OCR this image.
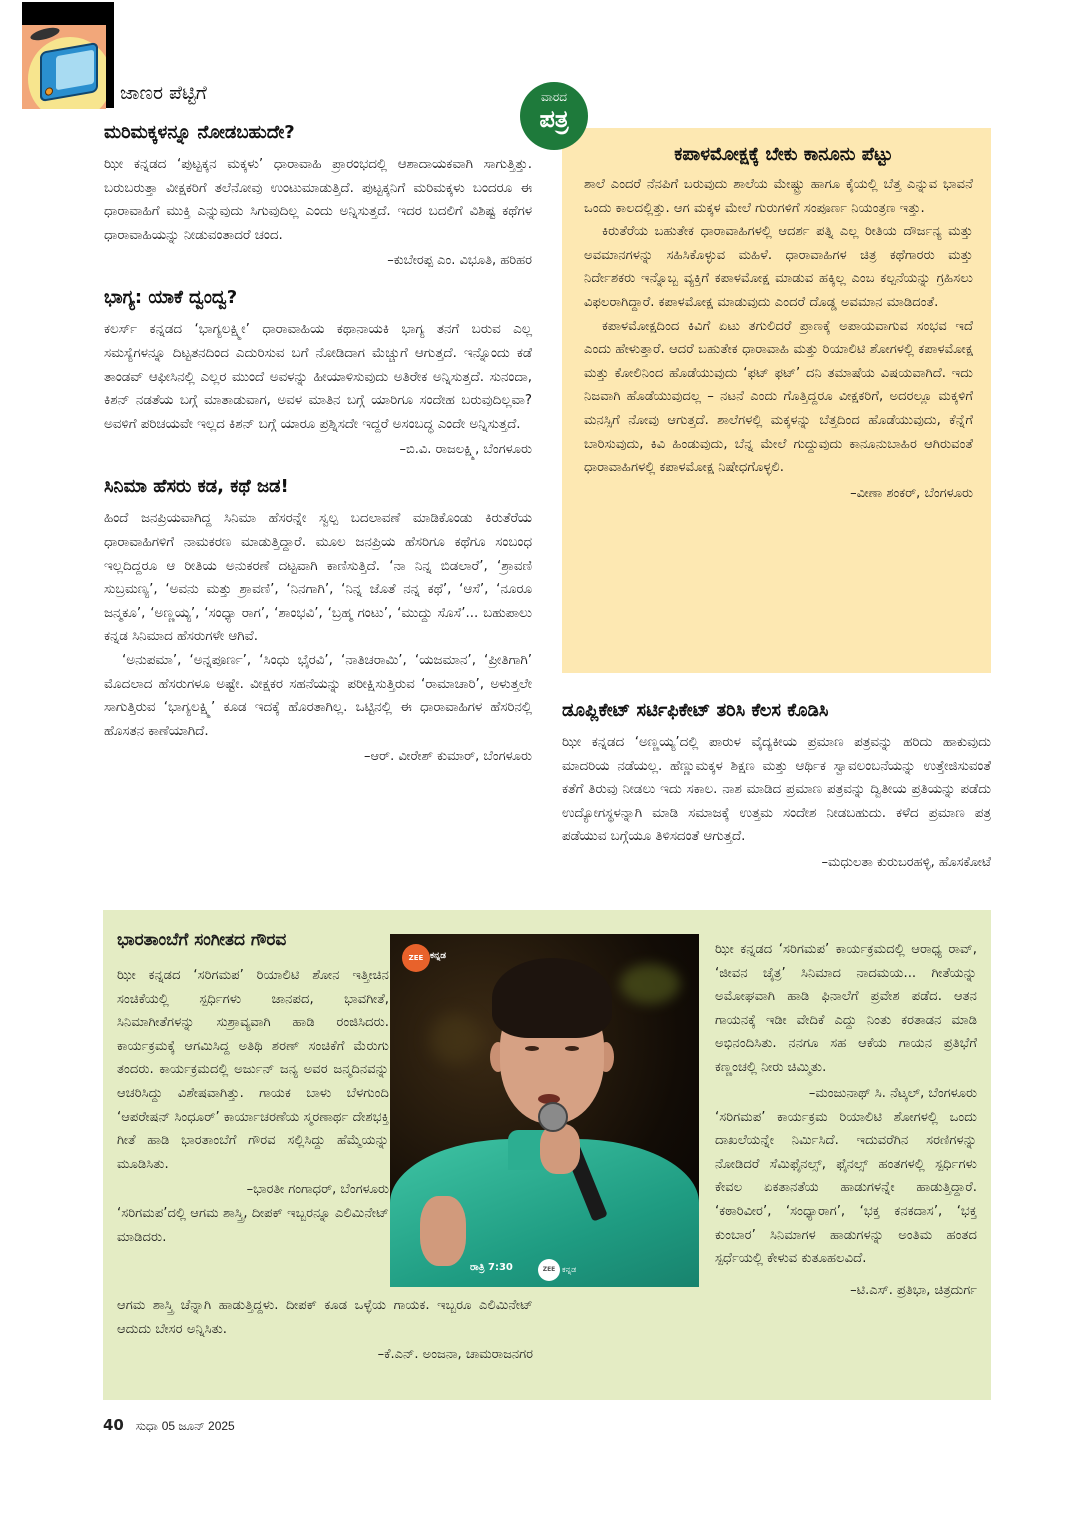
ಜಾಣರ ಪೆಟ್ಟಿಗೆ
ಮರಿಮಕ್ಕಳನ್ನೂ ನೋಡಬಹುದೇ?

ಝೀ ಕನ್ನಡದ ‘ಪುಟ್ಟಕ್ಕನ ಮಕ್ಕಳು’ ಧಾರಾವಾಹಿ ಪ್ರಾರಂಭದಲ್ಲಿ ಆಶಾದಾಯಕವಾಗಿ ಸಾಗುತ್ತಿತ್ತು. ಬರುಬರುತ್ತಾ ವೀಕ್ಷಕರಿಗೆ ತಲೆನೋವು ಉಂಟುಮಾಡುತ್ತಿದೆ. ಪುಟ್ಟಕ್ಕನಿಗೆ ಮರಿಮಕ್ಕಳು ಬಂದರೂ ಈ ಧಾರಾವಾಹಿಗೆ ಮುಕ್ತಿ ಎನ್ನುವುದು ಸಿಗುವುದಿಲ್ಲ ಎಂದು ಅನ್ನಿಸುತ್ತದೆ. ಇದರ ಬದಲಿಗೆ ವಿಶಿಷ್ಟ ಕಥೆಗಳ ಧಾರಾವಾಹಿಯನ್ನು ನೀಡುವಂತಾದರೆ ಚಂದ.

–ಕುಬೇರಪ್ಪ ಎಂ. ವಿಭೂತಿ, ಹರಿಹರ
ಭಾಗ್ಯ: ಯಾಕೆ ದ್ವಂದ್ವ?

ಕಲರ್ಸ್ ಕನ್ನಡದ ‘ಭಾಗ್ಯಲಕ್ಷ್ಮೀ’ ಧಾರಾವಾಹಿಯ ಕಥಾನಾಯಕಿ ಭಾಗ್ಯ ತನಗೆ ಬರುವ ಎಲ್ಲ ಸಮಸ್ಯೆಗಳನ್ನೂ ದಿಟ್ಟತನದಿಂದ ಎದುರಿಸುವ ಬಗೆ ನೋಡಿದಾಗ ಮೆಚ್ಚುಗೆ ಆಗುತ್ತದೆ. ಇನ್ನೊಂದು ಕಡೆ ತಾಂಡವ್ ಆಫೀಸಿನಲ್ಲಿ ಎಲ್ಲರ ಮುಂದೆ ಅವಳನ್ನು ಹೀಯಾಳಿಸುವುದು ಅತಿರೇಕ ಅನ್ನಿಸುತ್ತದೆ. ಸುನಂದಾ, ಕಿಶನ್ ನಡತೆಯ ಬಗ್ಗೆ ಮಾತಾಡುವಾಗ, ಅವಳ ಮಾತಿನ ಬಗ್ಗೆ ಯಾರಿಗೂ ಸಂದೇಹ ಬರುವುದಿಲ್ಲವಾ? ಅವಳಿಗೆ ಪರಿಚಯವೇ ಇಲ್ಲದ ಕಿಶನ್ ಬಗ್ಗೆ ಯಾರೂ ಪ್ರಶ್ನಿಸದೇ ಇದ್ದರೆ ಅಸಂಬದ್ಧ ಎಂದೇ ಅನ್ನಿಸುತ್ತದೆ.

–ಬಿ.ವಿ. ರಾಜಲಕ್ಷ್ಮಿ, ಬೆಂಗಳೂರು
ಸಿನಿಮಾ ಹೆಸರು ಕಡ, ಕಥೆ ಜಡ!

ಹಿಂದೆ ಜನಪ್ರಿಯವಾಗಿದ್ದ ಸಿನಿಮಾ ಹೆಸರನ್ನೇ ಸ್ವಲ್ಪ ಬದಲಾವಣೆ ಮಾಡಿಕೊಂಡು ಕಿರುತೆರೆಯ ಧಾರಾವಾಹಿಗಳಿಗೆ ನಾಮಕರಣ ಮಾಡುತ್ತಿದ್ದಾರೆ. ಮೂಲ ಜನಪ್ರಿಯ ಹೆಸರಿಗೂ ಕಥೆಗೂ ಸಂಬಂಧ ಇಲ್ಲದಿದ್ದರೂ ಆ ರೀತಿಯ ಅನುಕರಣೆ ದಟ್ಟವಾಗಿ ಕಾಣಿಸುತ್ತಿದೆ. ‘ನಾ ನಿನ್ನ ಬಿಡಲಾರೆ’, ‘ಶ್ರಾವಣಿ ಸುಬ್ರಮಣ್ಯ’, ‘ಅವನು ಮತ್ತು ಶ್ರಾವಣಿ’, ‘ನಿನಗಾಗಿ’, ‘ನಿನ್ನ ಜೊತೆ ನನ್ನ ಕಥೆ’, ‘ಆಸೆ’, ‘ನೂರೂ ಜನ್ಮಕೂ’, ‘ಅಣ್ಣಯ್ಯ’, ‘ಸಂಧ್ಯಾ ರಾಗ’, ‘ಶಾಂಭವಿ’, ‘ಬ್ರಹ್ಮ ಗಂಟು’, ‘ಮುದ್ದು ಸೊಸೆ’... ಬಹುಪಾಲು ಕನ್ನಡ ಸಿನಿಮಾದ ಹೆಸರುಗಳೇ ಆಗಿವೆ.

‘ಅನುಪಮಾ’, ‘ಅನ್ನಪೂರ್ಣ’, ‘ಸಿಂಧು ಭೈರವಿ’, ‘ನಾತಿಚರಾಮಿ’, ‘ಯಜಮಾನ’, ‘ಪ್ರೀತಿಗಾಗಿ’ ಮೊದಲಾದ ಹೆಸರುಗಳೂ ಅಷ್ಟೇ. ವೀಕ್ಷಕರ ಸಹನೆಯನ್ನು ಪರೀಕ್ಷಿಸುತ್ತಿರುವ ‘ರಾಮಾಚಾರಿ’, ಅಳುತ್ತಲೇ ಸಾಗುತ್ತಿರುವ ‘ಭಾಗ್ಯಲಕ್ಷ್ಮಿ’ ಕೂಡ ಇದಕ್ಕೆ ಹೊರತಾಗಿಲ್ಲ. ಒಟ್ಟಿನಲ್ಲಿ ಈ ಧಾರಾವಾಹಿಗಳ ಹೆಸರಿನಲ್ಲಿ ಹೊಸತನ ಕಾಣೆಯಾಗಿದೆ.

–ಆರ್. ವೀರೇಶ್ ಕುಮಾರ್, ಬೆಂಗಳೂರು
ವಾರದ
ಪತ್ರ
ಕಪಾಳಮೋಕ್ಷಕ್ಕೆ ಬೇಕು ಕಾನೂನು ಪೆಟ್ಟು

ಶಾಲೆ ಎಂದರೆ ನೆನಪಿಗೆ ಬರುವುದು ಶಾಲೆಯ ಮೇಷ್ಟ್ರು ಹಾಗೂ ಕೈಯಲ್ಲಿ ಬೆತ್ತ ಎನ್ನುವ ಭಾವನೆ ಒಂದು ಕಾಲದಲ್ಲಿತ್ತು. ಆಗ ಮಕ್ಕಳ ಮೇಲೆ ಗುರುಗಳಿಗೆ ಸಂಪೂರ್ಣ ನಿಯಂತ್ರಣ ಇತ್ತು.

ಕಿರುತೆರೆಯ ಬಹುತೇಕ ಧಾರಾವಾಹಿಗಳಲ್ಲಿ ಆದರ್ಶ ಪತ್ನಿ ಎಲ್ಲ ರೀತಿಯ ದೌರ್ಜನ್ಯ ಮತ್ತು ಅವಮಾನಗಳನ್ನು ಸಹಿಸಿಕೊಳ್ಳುವ ಮಹಿಳೆ. ಧಾರಾವಾಹಿಗಳ ಚಿತ್ರ ಕಥೆಗಾರರು ಮತ್ತು ನಿರ್ದೇಶಕರು ಇನ್ನೊಬ್ಬ ವ್ಯಕ್ತಿಗೆ ಕಪಾಳಮೋಕ್ಷ ಮಾಡುವ ಹಕ್ಕಿಲ್ಲ ಎಂಬ ಕಲ್ಪನೆಯನ್ನು ಗ್ರಹಿಸಲು ವಿಫಲರಾಗಿದ್ದಾರೆ. ಕಪಾಳಮೋಕ್ಷ ಮಾಡುವುದು ಎಂದರೆ ದೊಡ್ಡ ಅವಮಾನ ಮಾಡಿದಂತೆ.

ಕಪಾಳಮೋಕ್ಷದಿಂದ ಕಿವಿಗೆ ಏಟು ತಗುಲಿದರೆ ಪ್ರಾಣಕ್ಕೆ ಅಪಾಯವಾಗುವ ಸಂಭವ ಇದೆ ಎಂದು ಹೇಳುತ್ತಾರೆ. ಆದರೆ ಬಹುತೇಕ ಧಾರಾವಾಹಿ ಮತ್ತು ರಿಯಾಲಿಟಿ ಶೋಗಳಲ್ಲಿ ಕಪಾಳಮೋಕ್ಷ ಮತ್ತು ಕೋಲಿನಿಂದ ಹೊಡೆಯುವುದು ‘ಫಟ್ ಫಟ್’ ದನಿ ತಮಾಷೆಯ ವಿಷಯವಾಗಿದೆ. ಇದು ನಿಜವಾಗಿ ಹೊಡೆಯುವುದಲ್ಲ – ನಟನೆ ಎಂದು ಗೊತ್ತಿದ್ದರೂ ವೀಕ್ಷಕರಿಗೆ, ಅದರಲ್ಲೂ ಮಕ್ಕಳಿಗೆ ಮನಸ್ಸಿಗೆ ನೋವು ಆಗುತ್ತದೆ. ಶಾಲೆಗಳಲ್ಲಿ ಮಕ್ಕಳನ್ನು ಬೆತ್ತದಿಂದ ಹೊಡೆಯುವುದು, ಕೆನ್ನೆಗೆ ಬಾರಿಸುವುದು, ಕಿವಿ ಹಿಂಡುವುದು, ಬೆನ್ನ ಮೇಲೆ ಗುದ್ದುವುದು ಕಾನೂನುಬಾಹಿರ ಆಗಿರುವಂತೆ ಧಾರಾವಾಹಿಗಳಲ್ಲಿ ಕಪಾಳಮೋಕ್ಷ ನಿಷೇಧಗೊಳ್ಳಲಿ.

–ವೀಣಾ ಶಂಕರ್, ಬೆಂಗಳೂರು
ಡೂಪ್ಲಿಕೇಟ್ ಸರ್ಟಿಫಿಕೇಟ್ ತರಿಸಿ ಕೆಲಸ ಕೊಡಿಸಿ

ಝೀ ಕನ್ನಡದ ‘ಅಣ್ಣಯ್ಯ’ದಲ್ಲಿ ಪಾರುಳ ವೈದ್ಯಕೀಯ ಪ್ರಮಾಣ ಪತ್ರವನ್ನು ಹರಿದು ಹಾಕುವುದು ಮಾದರಿಯ ನಡೆಯಲ್ಲ. ಹೆಣ್ಣುಮಕ್ಕಳ ಶಿಕ್ಷಣ ಮತ್ತು ಆರ್ಥಿಕ ಸ್ವಾವಲಂಬನೆಯನ್ನು ಉತ್ತೇಜಿಸುವಂತೆ ಕತೆಗೆ ತಿರುವು ನೀಡಲು ಇದು ಸಕಾಲ. ನಾಶ ಮಾಡಿದ ಪ್ರಮಾಣ ಪತ್ರವನ್ನು ದ್ವಿತೀಯ ಪ್ರತಿಯನ್ನು ಪಡೆದು ಉದ್ಯೋಗಸ್ಥಳನ್ನಾಗಿ ಮಾಡಿ ಸಮಾಜಕ್ಕೆ ಉತ್ತಮ ಸಂದೇಶ ನೀಡಬಹುದು. ಕಳೆದ ಪ್ರಮಾಣ ಪತ್ರ ಪಡೆಯುವ ಬಗ್ಗೆಯೂ ತಿಳಿಸದಂತೆ ಆಗುತ್ತದೆ.

–ಮಧುಲತಾ ಕುರುಬರಹಳ್ಳಿ, ಹೊಸಕೋಟೆ
ಭಾರತಾಂಬೆಗೆ ಸಂಗೀತದ ಗೌರವ

ಝೀ ಕನ್ನಡದ ‘ಸರಿಗಮಪ’ ರಿಯಾಲಿಟಿ ಶೋನ ಇತ್ತೀಚಿನ ಸಂಚಿಕೆಯಲ್ಲಿ ಸ್ಪರ್ಧಿಗಳು ಜಾನಪದ, ಭಾವಗೀತೆ, ಸಿನಿಮಾಗೀತೆಗಳನ್ನು ಸುಶ್ರಾವ್ಯವಾಗಿ ಹಾಡಿ ರಂಜಿಸಿದರು. ಕಾರ್ಯಕ್ರಮಕ್ಕೆ ಆಗಮಿಸಿದ್ದ ಅತಿಥಿ ಶರಣ್ ಸಂಚಿಕೆಗೆ ಮೆರುಗು ತಂದರು. ಕಾರ್ಯಕ್ರಮದಲ್ಲಿ ಅರ್ಜುನ್ ಜನ್ಯ ಅವರ ಜನ್ಮದಿನವನ್ನು ಆಚರಿಸಿದ್ದು ವಿಶೇಷವಾಗಿತ್ತು. ಗಾಯಕ ಬಾಳು ಬೆಳಗುಂದಿ ‘ಆಪರೇಷನ್ ಸಿಂಧೂರ್’ ಕಾರ್ಯಾಚರಣೆಯ ಸ್ಮರಣಾರ್ಥ ದೇಶಭಕ್ತಿ ಗೀತೆ ಹಾಡಿ ಭಾರತಾಂಬೆಗೆ ಗೌರವ ಸಲ್ಲಿಸಿದ್ದು ಹೆಮ್ಮೆಯನ್ನು ಮೂಡಿಸಿತು.

–ಭಾರತೀ ಗಂಗಾಧರ್, ಬೆಂಗಳೂರು

‘ಸರಿಗಮಪ’ದಲ್ಲಿ ಆಗಮ ಶಾಸ್ತ್ರಿ, ದೀಪಕ್ ಇಬ್ಬರನ್ನೂ ಎಲಿಮಿನೇಟ್ ಮಾಡಿದರು.

ಆಗಮ ಶಾಸ್ತ್ರಿ ಚೆನ್ನಾಗಿ ಹಾಡುತ್ತಿದ್ದಳು. ದೀಪಕ್ ಕೂಡ ಒಳ್ಳೆಯ ಗಾಯಕ. ಇಬ್ಬರೂ ಎಲಿಮಿನೇಟ್ ಆದುದು ಬೇಸರ ಅನ್ನಿಸಿತು.

–ಕೆ.ಎನ್. ಅಂಜನಾ, ಚಾಮರಾಜನಗರ
ZEE ಕನ್ನಡ
ರಾತ್ರಿ 7:30	ZEE ಕನ್ನಡ

ಝೀ ಕನ್ನಡದ ‘ಸರಿಗಮಪ’ ಕಾರ್ಯಕ್ರಮದಲ್ಲಿ ಆರಾಧ್ಯ ರಾವ್, ‘ಜೀವನ ಚೈತ್ರ’ ಸಿನಿಮಾದ ನಾದಮಯ... ಗೀತೆಯನ್ನು ಅಮೋಘವಾಗಿ ಹಾಡಿ ಫಿನಾಲೆಗೆ ಪ್ರವೇಶ ಪಡೆದ. ಆತನ ಗಾಯನಕ್ಕೆ ಇಡೀ ವೇದಿಕೆ ಎದ್ದು ನಿಂತು ಕರತಾಡನ ಮಾಡಿ ಅಭಿನಂದಿಸಿತು. ನನಗೂ ಸಹ ಆಕೆಯ ಗಾಯನ ಪ್ರತಿಭೆಗೆ ಕಣ್ಣಂಚಲ್ಲಿ ನೀರು ಚಿಮ್ಮಿತು.

–ಮಂಜುನಾಥ್ ಸಿ. ನೆಟ್ಕಲ್, ಬೆಂಗಳೂರು

‘ಸರಿಗಮಪ’ ಕಾರ್ಯಕ್ರಮ ರಿಯಾಲಿಟಿ ಶೋಗಳಲ್ಲಿ ಒಂದು ದಾಖಲೆಯನ್ನೇ ನಿರ್ಮಿಸಿದೆ. ಇದುವರೆಗಿನ ಸರಣಿಗಳನ್ನು ನೋಡಿದರೆ ಸೆಮಿಫೈನಲ್ಸ್, ಫೈನಲ್ಸ್ ಹಂತಗಳಲ್ಲಿ ಸ್ಪರ್ಧಿಗಳು ಕೇವಲ ಏಕತಾನತೆಯ ಹಾಡುಗಳನ್ನೇ ಹಾಡುತ್ತಿದ್ದಾರೆ. ‘ಕಠಾರಿವೀರ’, ‘ಸಂಧ್ಯಾರಾಗ’, ‘ಭಕ್ತ ಕನಕದಾಸ’, ‘ಭಕ್ತ ಕುಂಬಾರ’ ಸಿನಿಮಾಗಳ ಹಾಡುಗಳನ್ನು ಅಂತಿಮ ಹಂತದ ಸ್ಪರ್ಧೆಯಲ್ಲಿ ಕೇಳುವ ಕುತೂಹಲವಿದೆ.

–ಟಿ.ಎಸ್. ಪ್ರತಿಭಾ, ಚಿತ್ರದುರ್ಗ
40 ಸುಧಾ 05 ಜೂನ್ 2025
